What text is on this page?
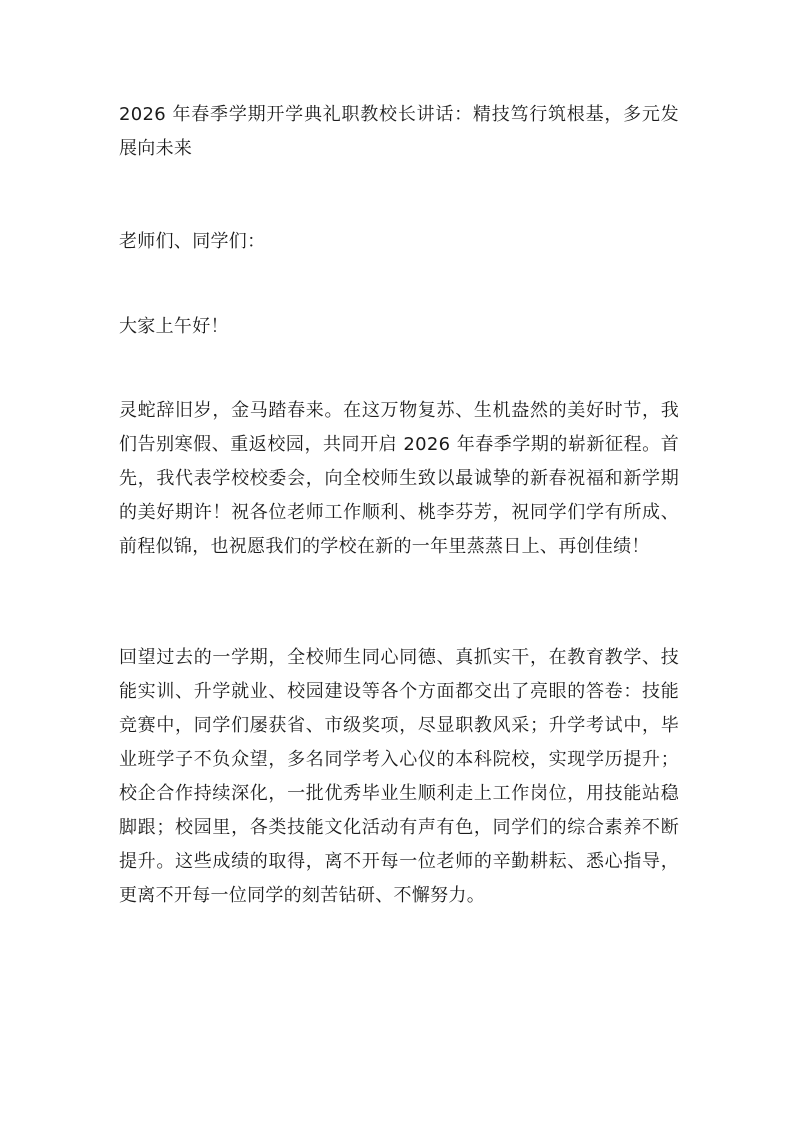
2026 年春季学期开学典礼职教校长讲话：精技笃行筑根基，多元发
展向未来
老师们、同学们：
大家上午好！
灵蛇辞旧岁，金马踏春来。在这万物复苏、生机盎然的美好时节，我
们告别寒假、重返校园，共同开启 2026 年春季学期的崭新征程。首
先，我代表学校校委会，向全校师生致以最诚挚的新春祝福和新学期
的美好期许！祝各位老师工作顺利、桃李芬芳，祝同学们学有所成、
前程似锦，也祝愿我们的学校在新的一年里蒸蒸日上、再创佳绩！
回望过去的一学期，全校师生同心同德、真抓实干，在教育教学、技
能实训、升学就业、校园建设等各个方面都交出了亮眼的答卷：技能
竞赛中，同学们屡获省、市级奖项，尽显职教风采；升学考试中，毕
业班学子不负众望，多名同学考入心仪的本科院校，实现学历提升；
校企合作持续深化，一批优秀毕业生顺利走上工作岗位，用技能站稳
脚跟；校园里，各类技能文化活动有声有色，同学们的综合素养不断
提升。这些成绩的取得，离不开每一位老师的辛勤耕耘、悉心指导，
更离不开每一位同学的刻苦钻研、不懈努力。
